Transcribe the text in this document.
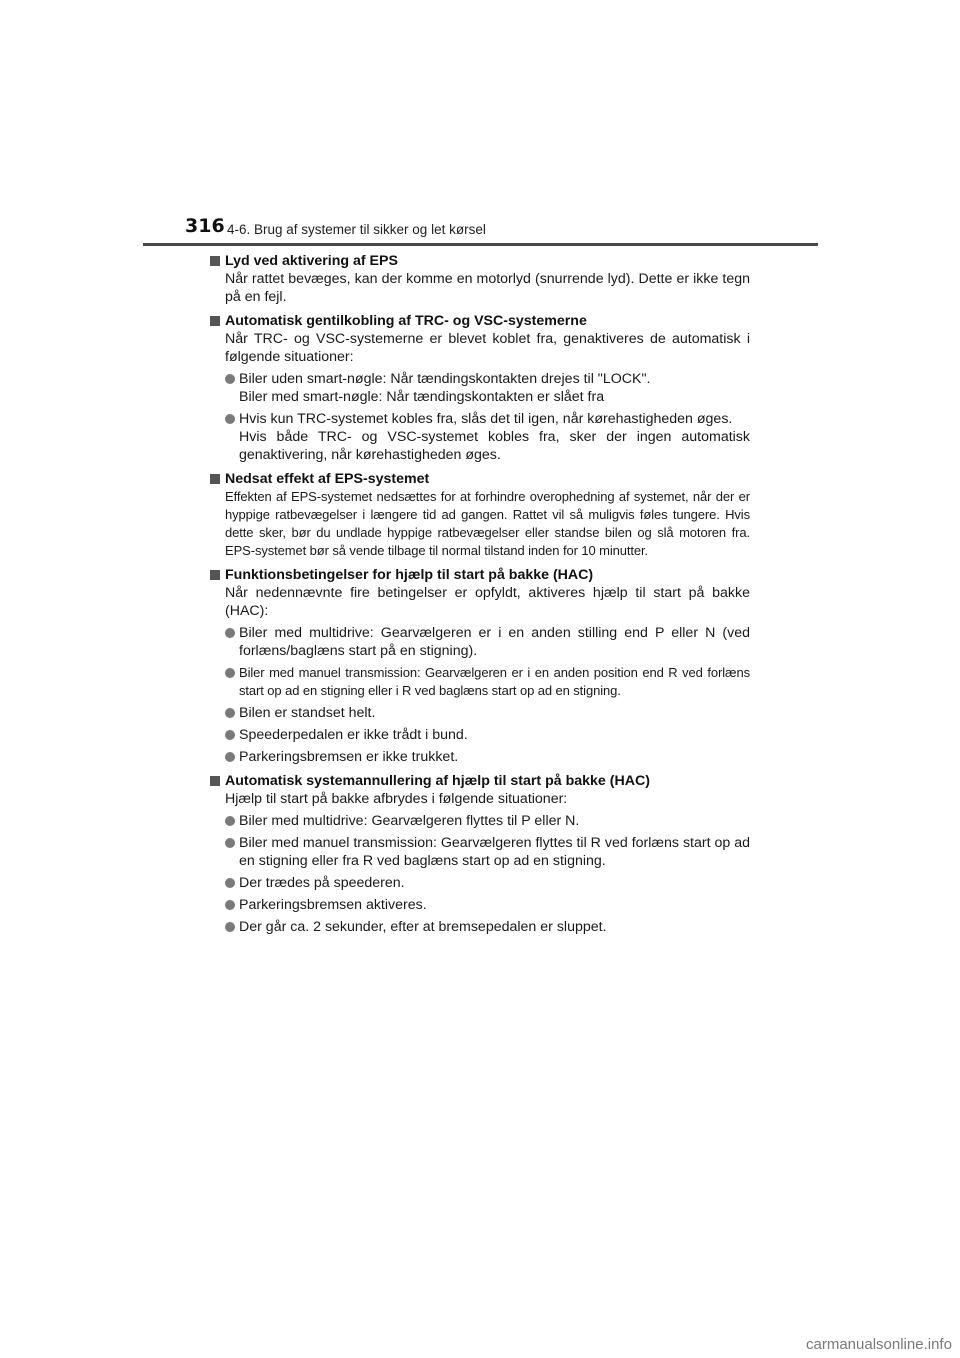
316 4-6. Brug af systemer til sikker og let kørsel
Lyd ved aktivering af EPS
Når rattet bevæges, kan der komme en motorlyd (snurrende lyd). Dette er ikke tegn på en fejl.
Automatisk gentilkobling af TRC- og VSC-systemerne
Når TRC- og VSC-systemerne er blevet koblet fra, genaktiveres de automatisk i følgende situationer:
Biler uden smart-nøgle: Når tændingskontakten drejes til "LOCK".
Biler med smart-nøgle: Når tændingskontakten er slået fra
Hvis kun TRC-systemet kobles fra, slås det til igen, når kørehastigheden øges.
Hvis både TRC- og VSC-systemet kobles fra, sker der ingen automatisk genaktivering, når kørehastigheden øges.
Nedsat effekt af EPS-systemet
Effekten af EPS-systemet nedsættes for at forhindre overophedning af systemet, når der er hyppige ratbevægelser i længere tid ad gangen. Rattet vil så muligvis føles tungere. Hvis dette sker, bør du undlade hyppige ratbevægelser eller standse bilen og slå motoren fra. EPS-systemet bør så vende tilbage til normal tilstand inden for 10 minutter.
Funktionsbetingelser for hjælp til start på bakke (HAC)
Når nedennævnte fire betingelser er opfyldt, aktiveres hjælp til start på bakke (HAC):
Biler med multidrive: Gearvælgeren er i en anden stilling end P eller N (ved forlæns/baglæns start på en stigning).
Biler med manuel transmission: Gearvælgeren er i en anden position end R ved forlæns start op ad en stigning eller i R ved baglæns start op ad en stigning.
Bilen er standset helt.
Speederpedalen er ikke trådt i bund.
Parkeringsbremsen er ikke trukket.
Automatisk systemannullering af hjælp til start på bakke (HAC)
Hjælp til start på bakke afbrydes i følgende situationer:
Biler med multidrive: Gearvælgeren flyttes til P eller N.
Biler med manuel transmission: Gearvælgeren flyttes til R ved forlæns start op ad en stigning eller fra R ved baglæns start op ad en stigning.
Der trædes på speederen.
Parkeringsbremsen aktiveres.
Der går ca. 2 sekunder, efter at bremsepedalen er sluppet.
carmanualsonline.info
